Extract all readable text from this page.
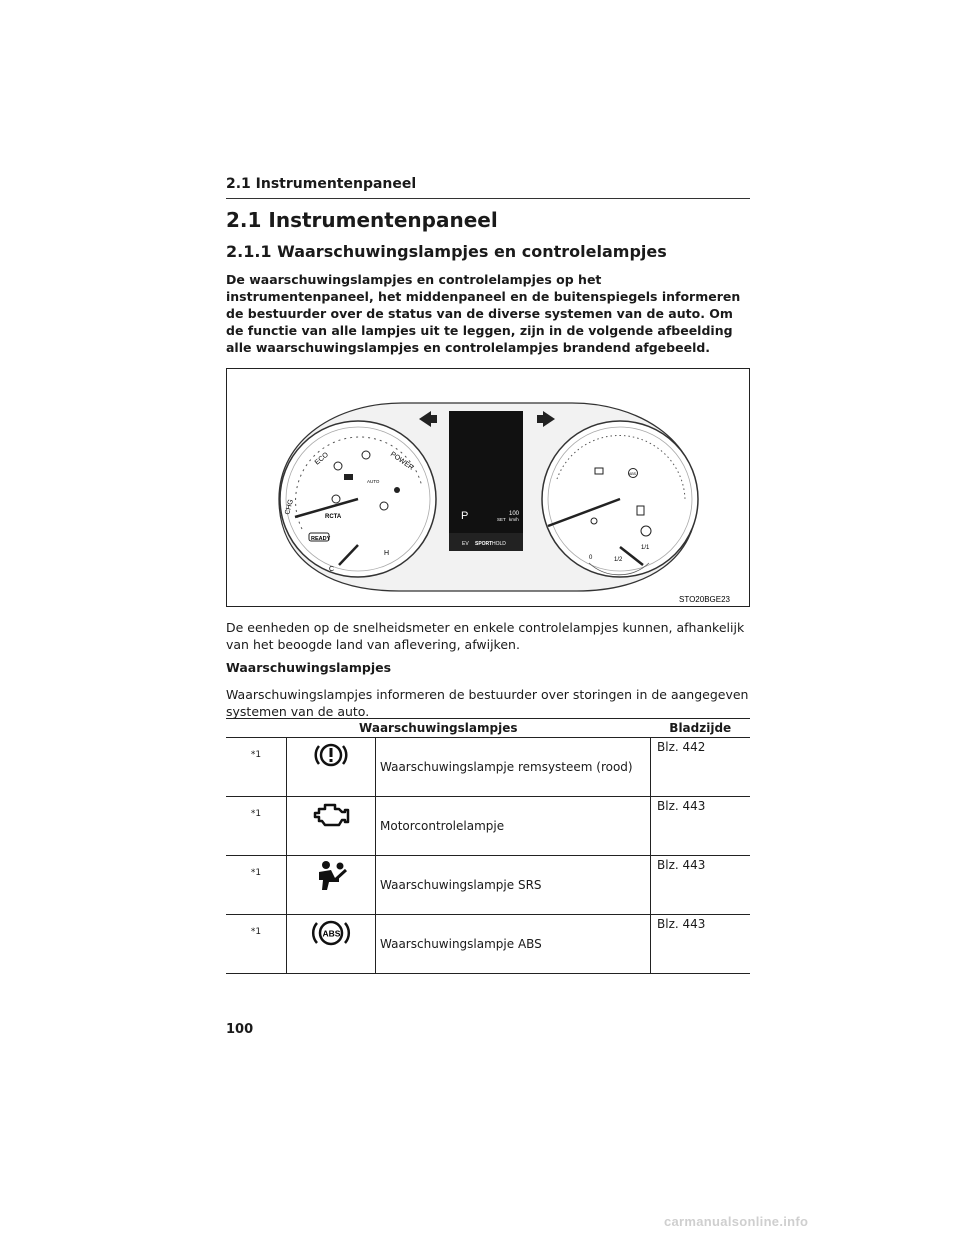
2.1 Instrumentenpaneel
2.1 Instrumentenpaneel
2.1.1 Waarschuwingslampjes en controlelampjes
De waarschuwingslampjes en controlelampjes op het instrumentenpaneel, het middenpaneel en de buitenspiegels informeren de bestuurder over de status van de diverse systemen van de auto. Om de functie van alle lampjes uit te leggen, zijn in de volgende afbeelding alle waarschuwingslampjes en controlelampjes brandend afgebeeld.
ECO	POWER
CHG
C
H
READY
RCTA
AUTO
P	100
SET km/h
EV SPORT HOLD
0	1/2
1/1
ABS
STO20BGE23
De eenheden op de snelheidsmeter en enkele controlelampjes kunnen, afhankelijk van het beoogde land van aflevering, afwijken.
Waarschuwingslampjes
Waarschuwingslampjes informeren de bestuurder over storingen in de aangegeven systemen van de auto.
Waarschuwingslampjes			Bladzijde
*1		Waarschuwingslampje remsysteem (rood)	Blz. 442
*1		Motorcontrolelampje	Blz. 443
*1		Waarschuwingslampje SRS	Blz. 443
*1	ABS	Waarschuwingslampje ABS	Blz. 443
100
carmanualsonline.info
